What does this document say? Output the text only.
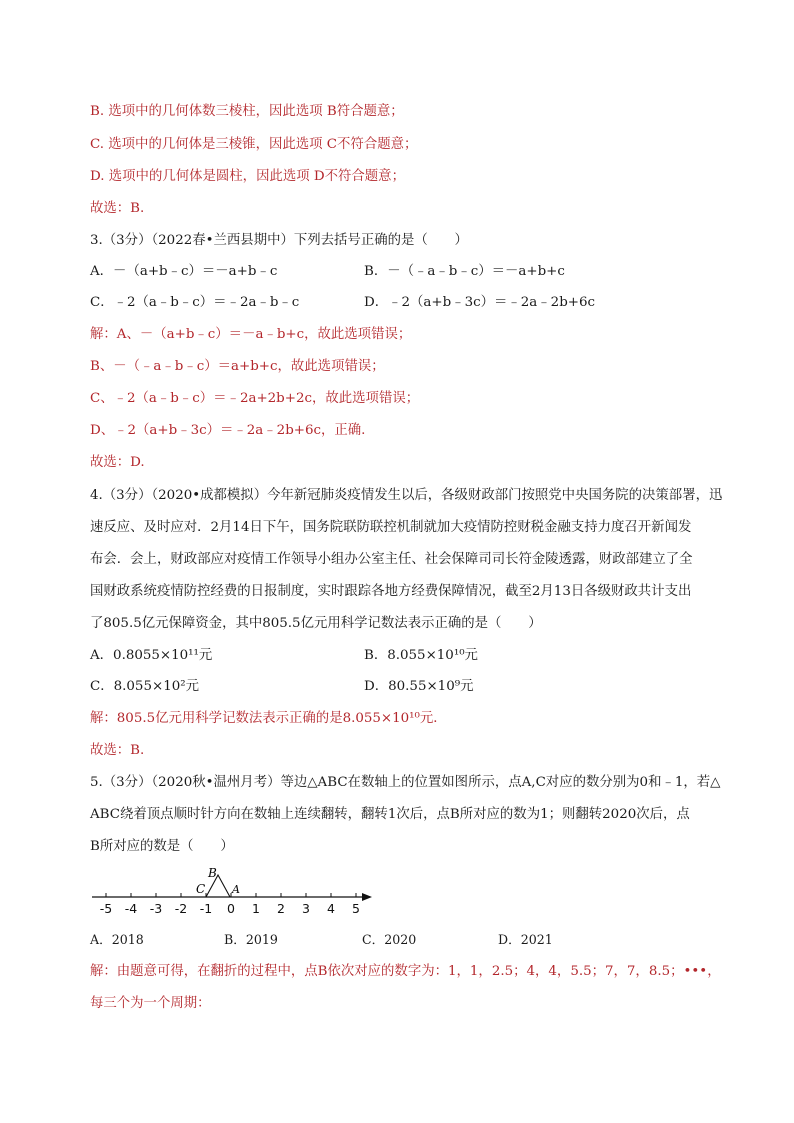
B. 选项中的几何体数三棱柱，因此选项 B符合题意；
C. 选项中的几何体是三棱锥，因此选项 C不符合题意；
D. 选项中的几何体是圆柱，因此选项 D不符合题意；
故选：B.
3.（3分）（2022春•兰西县期中）下列去括号正确的是（　　）
A．－（a+b﹣c）＝－a+b﹣c	B．－（﹣a﹣b﹣c）＝－a+b+c
C．﹣2（a﹣b﹣c）＝﹣2a﹣b﹣c	D．﹣2（a+b﹣3c）＝﹣2a﹣2b+6c
解：A、－（a+b﹣c）＝－a﹣b+c，故此选项错误；
B、－（﹣a﹣b﹣c）＝a+b+c，故此选项错误；
C、﹣2（a﹣b﹣c）＝﹣2a+2b+2c，故此选项错误；
D、﹣2（a+b﹣3c）＝﹣2a﹣2b+6c，正确.
故选：D.
4.（3分）（2020•成都模拟）今年新冠肺炎疫情发生以后，各级财政部门按照党中央国务院的决策部署，迅
速反应、及时应对．2月14日下午，国务院联防联控机制就加大疫情防控财税金融支持力度召开新闻发
布会．会上，财政部应对疫情工作领导小组办公室主任、社会保障司司长符金陵透露，财政部建立了全
国财政系统疫情防控经费的日报制度，实时跟踪各地方经费保障情况，截至2月13日各级财政共计支出
了805.5亿元保障资金，其中805.5亿元用科学记数法表示正确的是（　　）
A．0.8055×10¹¹元	B．8.055×10¹⁰元
C．8.055×10²元	D．80.55×10⁹元
解：805.5亿元用科学记数法表示正确的是8.055×10¹⁰元．
故选：B.
5.（3分）（2020秋•温州月考）等边△ABC在数轴上的位置如图所示，点A,C对应的数分别为0和﹣1，若△
ABC绕着顶点顺时针方向在数轴上连续翻转，翻转1次后，点B所对应的数为1；则翻转2020次后，点
B所对应的数是（　　）
-5 -4 -3 -2 -1 0 1 2 3 4 5
B
C A
A．2018	B．2019	C．2020	D．2021
解：由题意可得，在翻折的过程中，点B依次对应的数字为：1，1，2.5；4，4，5.5；7，7，8.5；•••，
每三个为一个周期：
